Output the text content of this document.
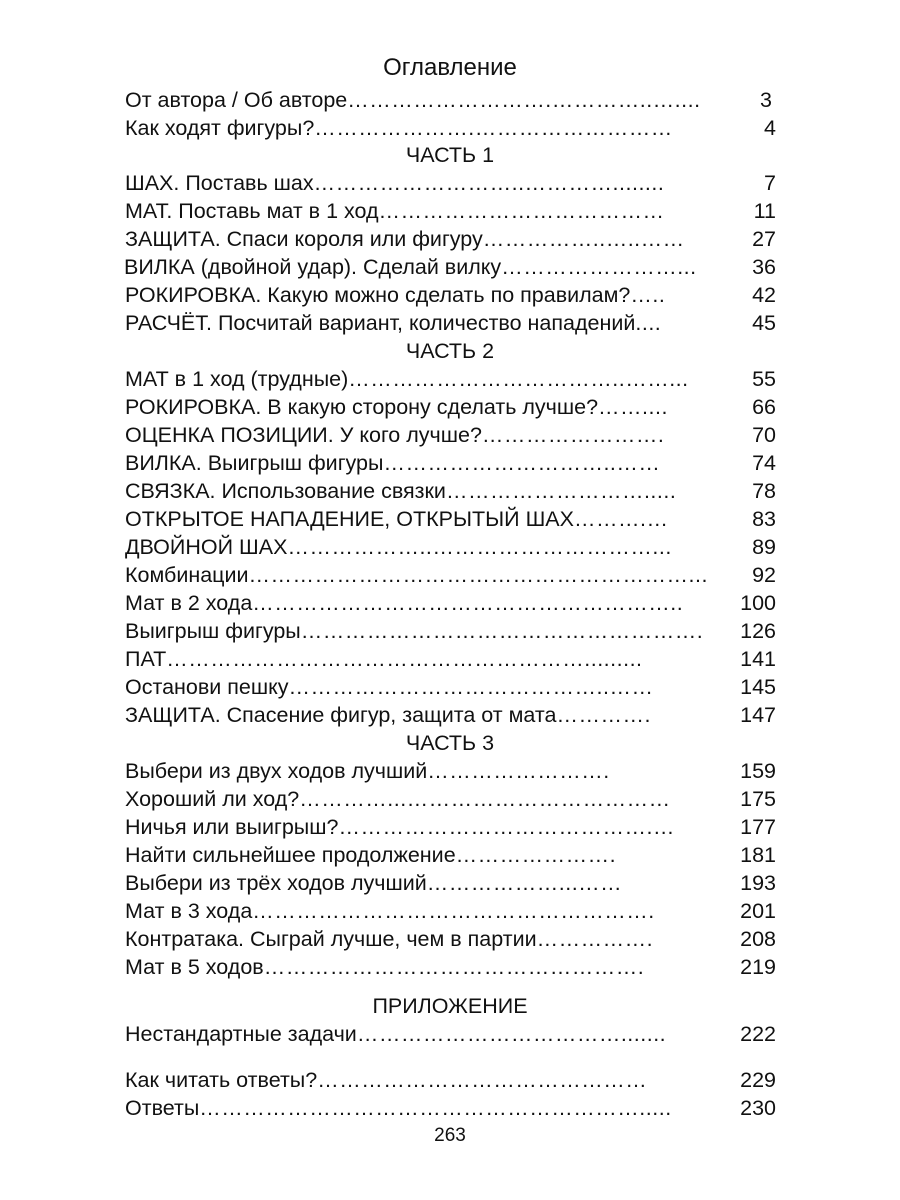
Оглавление
От автора / Об авторе ……………………….…………..…....	3
Как ходят фигуры? ………………….………………………	4
ЧАСТЬ 1
ШАХ. Поставь шах ………………………..…………........	7
МАТ. Поставь мат в 1 ход …………………………………	11
ЗАЩИТА. Спаси короля или фигуру ……………..…..……	27
ВИЛКА (двойной удар). Сделай вилку ……………………...	36
РОКИРОВКА. Какую можно сделать по правилам? …..	42
РАСЧЁТ. Посчитай вариант, количество нападений ....	45
ЧАСТЬ 2
МАТ в 1 ход (трудные) ………………………………..……...	55
РОКИРОВКА. В какую сторону сделать лучше? ……....	66
ОЦЕНКА ПОЗИЦИИ. У кого лучше? …………………….	70
ВИЛКА. Выигрыш фигуры …………………………..……	74
СВЯЗКА. Использование связки ……………………….....	78
ОТКРЫТОЕ НАПАДЕНИЕ, ОТКРЫТЫЙ ШАХ ……….…	83
ДВОЙНОЙ ШАХ ………………..…………………………...	89
Комбинации ……………………………………………………...	92
Мат в 2 хода …………………………………………………..	100
Выигрыш фигуры ……………………………………………….	126
ПАТ ………………………………………………….........	141
Останови пешку ……………………………………..……	145
ЗАЩИТА. Спасение фигур, защита от мата ………….	147
ЧАСТЬ 3
Выбери из двух ходов лучший …………………….	159
Хороший ли ход? …………...………………………………	175
Ничья или выигрыш? …………………………………….…	177
Найти сильнейшее продолжение ………………….	181
Выбери из трёх ходов лучший ………………...……	193
Мат в 3 хода ……………………………………………….	201
Контратака. Сыграй лучше, чем в партии …………….	208
Мат в 5 ходов …………………………………………….	219
ПРИЛОЖЕНИЕ
Нестандартные задачи ……………………………….......	222
Как читать ответы? ………………………………………	229
Ответы …………………………………………………….....	230
263
